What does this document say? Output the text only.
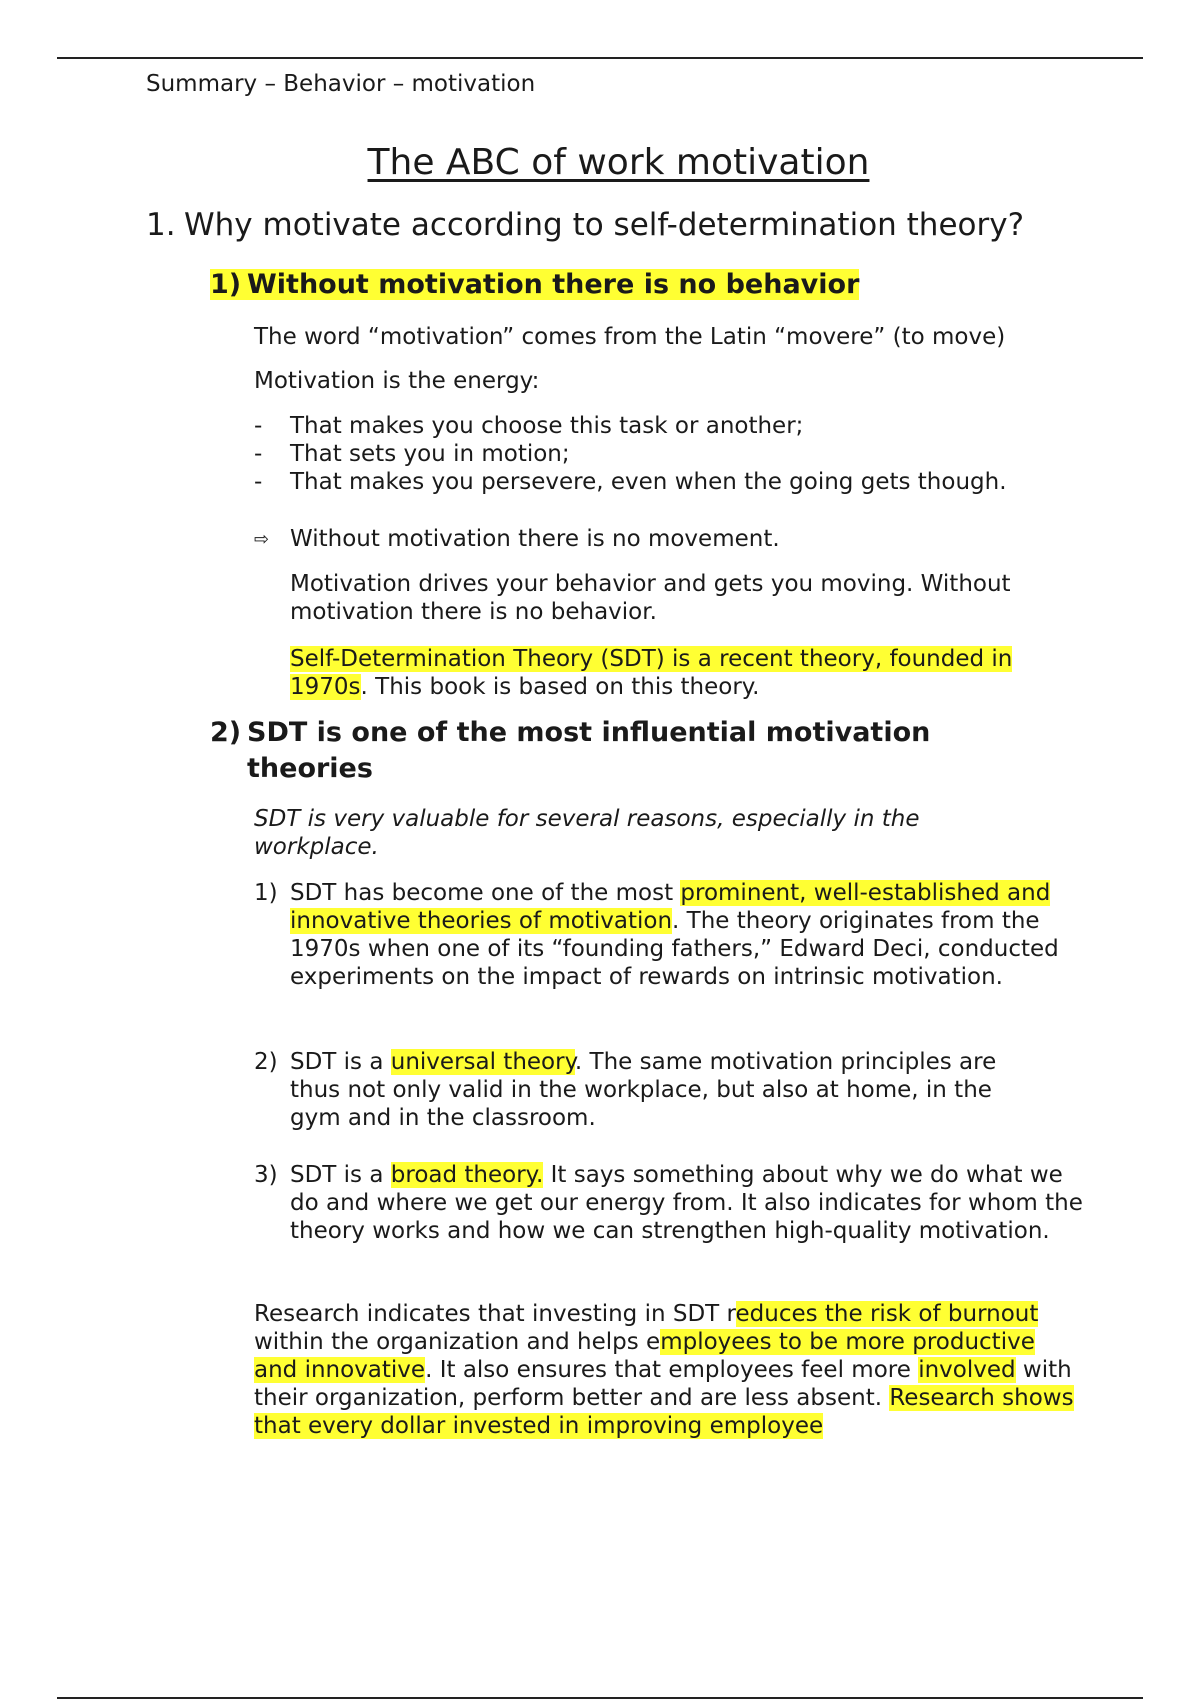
Summary – Behavior – motivation
The ABC of work motivation
1. Why motivate according to self-determination theory?
1) Without motivation there is no behavior
The word “motivation” comes from the Latin “movere” (to move)
Motivation is the energy:
-	That makes you choose this task or another;
-	That sets you in motion;
-	That makes you persevere, even when the going gets though.
⇨ Without motivation there is no movement.
Motivation drives your behavior and gets you moving. Without motivation there is no behavior.
Self-Determination Theory (SDT) is a recent theory, founded in 1970s. This book is based on this theory.
2) SDT is one of the most influential motivation
theories
SDT is very valuable for several reasons, especially in the workplace.
1) SDT has become one of the most prominent, well-established and innovative theories of motivation. The theory originates from the 1970s when one of its “founding fathers,” Edward Deci, conducted experiments on the impact of rewards on intrinsic motivation.
2) SDT is a universal theory. The same motivation principles are thus not only valid in the workplace, but also at home, in the gym and in the classroom.
3) SDT is a broad theory. It says something about why we do what we do and where we get our energy from. It also indicates for whom the theory works and how we can strengthen high-quality motivation.
Research indicates that investing in SDT reduces the risk of burnout within the organization and helps employees to be more productive and innovative. It also ensures that employees feel more involved with their organization, perform better and are less absent. Research shows that every dollar invested in improving employee
